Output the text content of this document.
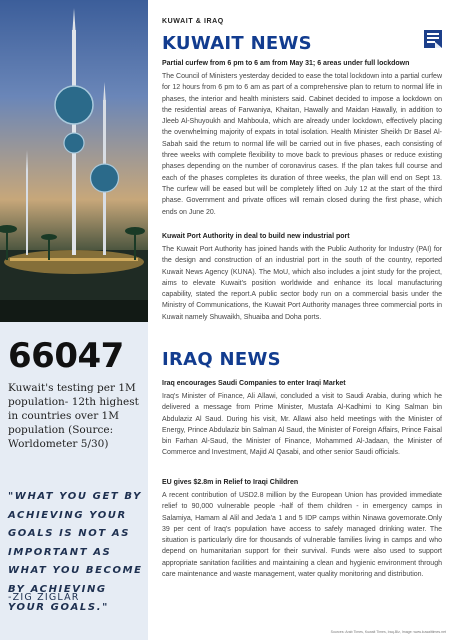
66047
Kuwait's testing per 1M population- 12th highest in countries over 1M population (Source: Worldometer 5/30)
"WHAT YOU GET BY ACHIEVING YOUR GOALS IS NOT AS IMPORTANT AS WHAT YOU BECOME BY ACHIEVING YOUR GOALS."
-ZIG ZIGLAR
KUWAIT & IRAQ
KUWAIT NEWS
Partial curfew from 6 pm to 6 am from May 31; 6 areas under full lockdown

The Council of Ministers yesterday decided to ease the total lockdown into a partial curfew for 12 hours from 6 pm to 6 am as part of a comprehensive plan to return to normal life in phases, the interior and health ministers said. Cabinet decided to impose a lockdown on the residential areas of Farwaniya, Khaitan, Hawally and Maidan Hawally, in addition to Jleeb Al-Shuyoukh and Mahboula, which are already under lockdown, effectively placing the overwhelming majority of expats in total isolation. Health Minister Sheikh Dr Basel Al-Sabah said the return to normal life will be carried out in five phases, each consisting of three weeks with complete flexibility to move back to previous phases or reduce existing phases depending on the number of coronavirus cases. If the plan takes full course and each of the phases completes its duration of three weeks, the plan will end on Sept 13. The curfew will be eased but will be completely lifted on July 12 at the start of the third phase. Government and private offices will remain closed during the first phase, which ends on June 20.

Kuwait Port Authority in deal to build new industrial port

The Kuwait Port Authority has joined hands with the Public Authority for Industry (PAI) for the design and construction of an industrial port in the south of the country, reported Kuwait News Agency (KUNA). The MoU, which also includes a joint study for the project, aims to elevate Kuwait's position worldwide and enhance its local manufacturing capability, stated the report.A public sector body run on a commercial basis under the Ministry of Communications, the Kuwait Port Authority manages three commercial ports in Kuwait namely Shuwaikh, Shuaiba and Doha ports.

IRAQ NEWS
Iraq encourages Saudi Companies to enter Iraqi Market

Iraq's Minister of Finance, Ali Allawi, concluded a visit to Saudi Arabia, during which he delivered a message from Prime Minister, Mustafa Al-Kadhimi to King Salman bin Abdulaziz Al Saud. During his visit, Mr. Allawi also held meetings with the Minister of Energy, Prince Abdulaziz bin Salman Al Saud, the Minister of Foreign Affairs, Prince Faisal bin Farhan Al-Saud, the Minister of Finance, Mohammed Al-Jadaan, the Minister of Commerce and Investment, Majid Al Qasabi, and other senior Saudi officials.

EU gives $2.8m in Relief to Iraqi Children

A recent contribution of USD2.8 million by the European Union has provided immediate relief to 90,000 vulnerable people -half of them children - in emergency camps in Salamiya, Hamam al Alil and Jeda'a 1 and 5 IDP camps within Ninawa governorate.Only 39 per cent of Iraq's population have access to safely managed drinking water. The situation is particularly dire for thousands of vulnerable families living in camps and who depend on humanitarian support for their survival. Funds were also used to support appropriate sanitation facilities and maintaining a clean and hygienic environment through care maintenance and waste management, water quality monitoring and distribution.

Sources: Arab Times, Kuwait Times, Iraq-BIz, Image: www.kuwaittimes.net
